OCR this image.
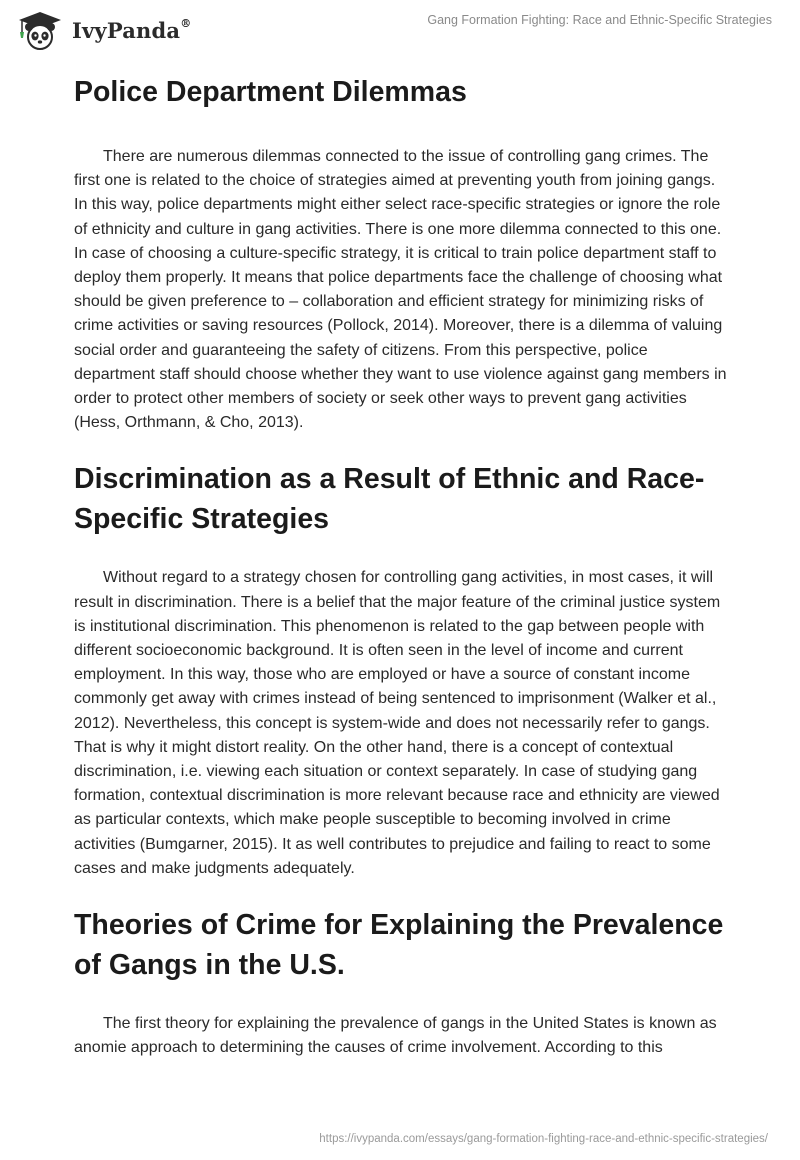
IvyPanda®	Gang Formation Fighting: Race and Ethnic-Specific Strategies
Police Department Dilemmas

There are numerous dilemmas connected to the issue of controlling gang crimes. The first one is related to the choice of strategies aimed at preventing youth from joining gangs. In this way, police departments might either select race-specific strategies or ignore the role of ethnicity and culture in gang activities. There is one more dilemma connected to this one. In case of choosing a culture-specific strategy, it is critical to train police department staff to deploy them properly. It means that police departments face the challenge of choosing what should be given preference to – collaboration and efficient strategy for minimizing risks of crime activities or saving resources (Pollock, 2014). Moreover, there is a dilemma of valuing social order and guaranteeing the safety of citizens. From this perspective, police department staff should choose whether they want to use violence against gang members in order to protect other members of society or seek other ways to prevent gang activities (Hess, Orthmann, & Cho, 2013).

Discrimination as a Result of Ethnic and Race-Specific Strategies

Without regard to a strategy chosen for controlling gang activities, in most cases, it will result in discrimination. There is a belief that the major feature of the criminal justice system is institutional discrimination. This phenomenon is related to the gap between people with different socioeconomic background. It is often seen in the level of income and current employment. In this way, those who are employed or have a source of constant income commonly get away with crimes instead of being sentenced to imprisonment (Walker et al., 2012). Nevertheless, this concept is system-wide and does not necessarily refer to gangs. That is why it might distort reality. On the other hand, there is a concept of contextual discrimination, i.e. viewing each situation or context separately. In case of studying gang formation, contextual discrimination is more relevant because race and ethnicity are viewed as particular contexts, which make people susceptible to becoming involved in crime activities (Bumgarner, 2015). It as well contributes to prejudice and failing to react to some cases and make judgments adequately.

Theories of Crime for Explaining the Prevalence of Gangs in the U.S.

The first theory for explaining the prevalence of gangs in the United States is known as anomie approach to determining the causes of crime involvement. According to this

https://ivypanda.com/essays/gang-formation-fighting-race-and-ethnic-specific-strategies/
